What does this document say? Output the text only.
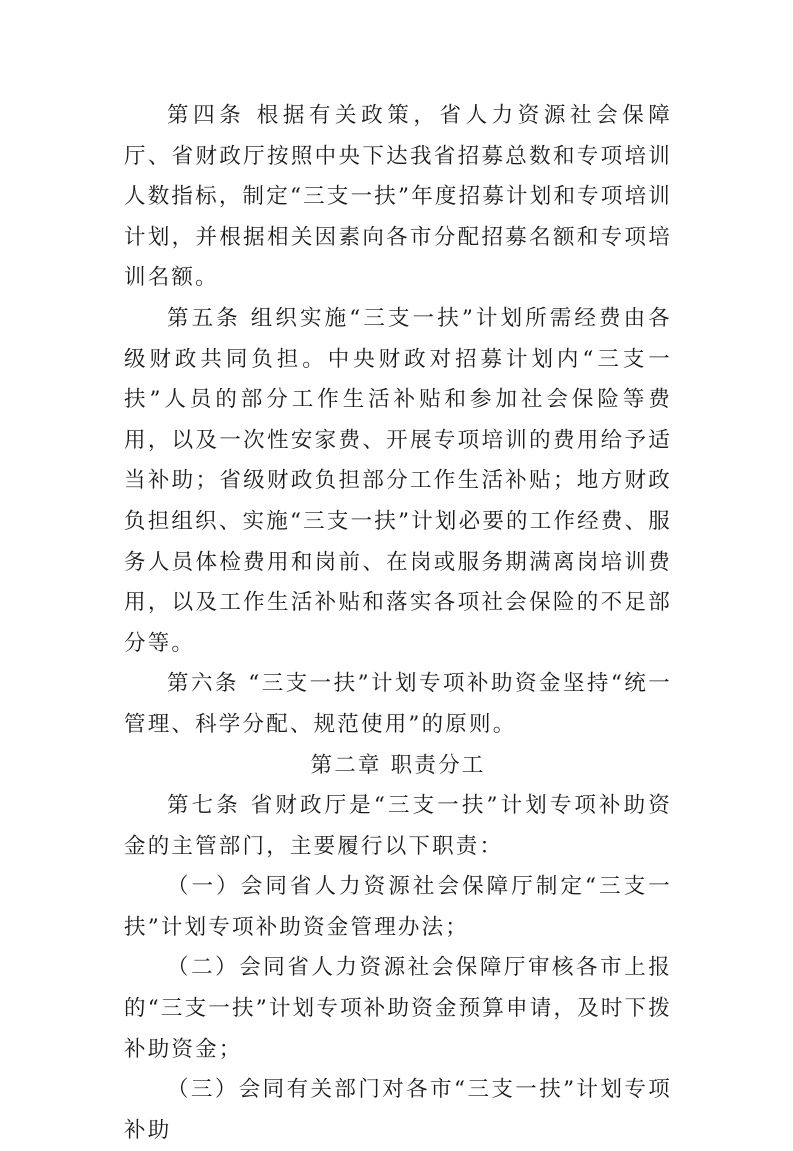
第四条 根据有关政策，省人力资源社会保障厅、省财政厅按照中央下达我省招募总数和专项培训人数指标，制定“三支一扶”年度招募计划和专项培训计划，并根据相关因素向各市分配招募名额和专项培训名额。

第五条 组织实施“三支一扶”计划所需经费由各级财政共同负担。中央财政对招募计划内“三支一扶”人员的部分工作生活补贴和参加社会保险等费用，以及一次性安家费、开展专项培训的费用给予适当补助；省级财政负担部分工作生活补贴；地方财政负担组织、实施“三支一扶”计划必要的工作经费、服务人员体检费用和岗前、在岗或服务期满离岗培训费用，以及工作生活补贴和落实各项社会保险的不足部分等。

第六条 “三支一扶”计划专项补助资金坚持“统一管理、科学分配、规范使用”的原则。

第二章 职责分工

第七条 省财政厅是“三支一扶”计划专项补助资金的主管部门，主要履行以下职责：

（一）会同省人力资源社会保障厅制定“三支一扶”计划专项补助资金管理办法；

（二）会同省人力资源社会保障厅审核各市上报的“三支一扶”计划专项补助资金预算申请，及时下拨补助资金；

（三）会同有关部门对各市“三支一扶”计划专项补助
